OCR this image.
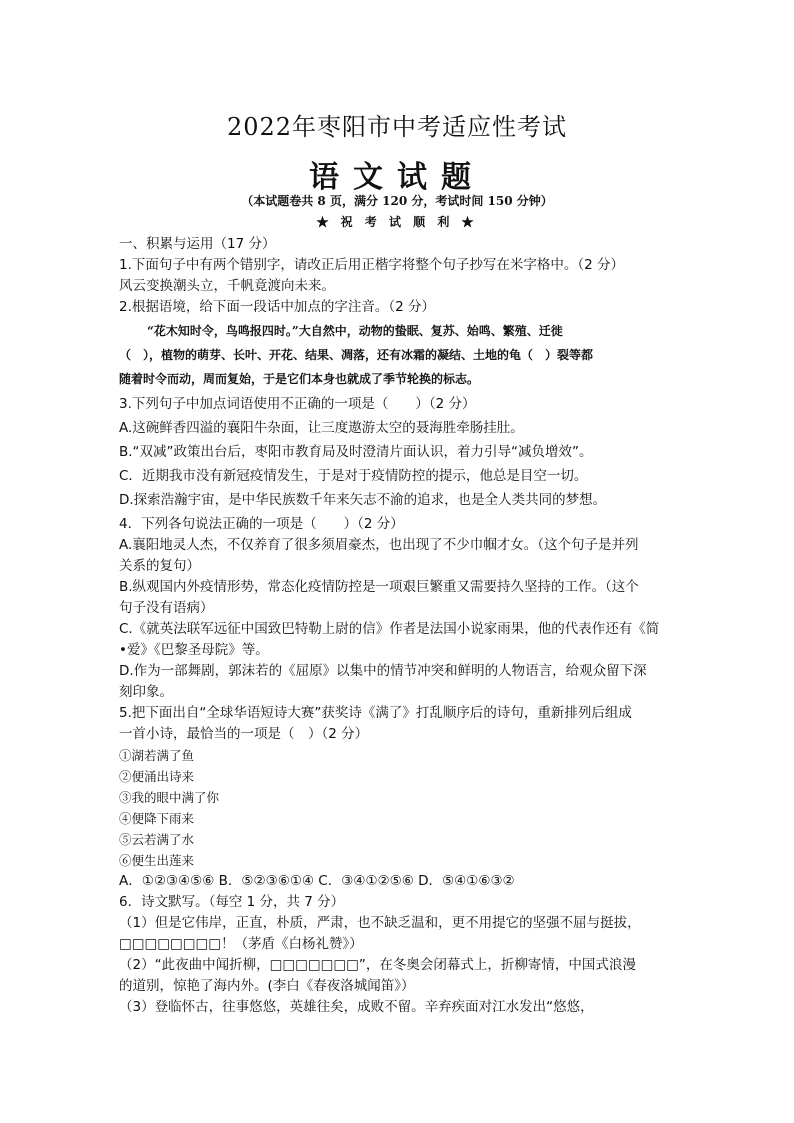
2022年枣阳市中考适应性考试
语文试题
（本试题卷共 8 页，满分 120 分，考试时间 150 分钟）
★ 祝 考 试 顺 利 ★
一、积累与运用（17 分）
1.下面句子中有两个错别字，请改正后用正楷字将整个句子抄写在米字格中。（2 分）
风云变换潮头立，千帆竟渡向未来。
2.根据语境，给下面一段话中加点的字注音。（2 分）
“花木知时令，鸟鸣报四时。”大自然中，动物的蛰眠、复苏、始鸣、繁殖、迁徙
（　），植物的萌芽、长叶、开花、结果、凋落，还有冰霜的凝结、土地的龟（　）裂等都
随着时令而动，周而复始，于是它们本身也就成了季节轮换的标志。
3.下列句子中加点词语使用不正确的一项是（　　）（2 分）
A.这碗鲜香四溢的襄阳牛杂面，让三度遨游太空的聂海胜牵肠挂肚。
B.“双减”政策出台后，枣阳市教育局及时澄清片面认识，着力引导“减负增效”。
C．近期我市没有新冠疫情发生，于是对于疫情防控的提示，他总是目空一切。
D.探索浩瀚宇宙，是中华民族数千年来矢志不渝的追求，也是全人类共同的梦想。
4．下列各句说法正确的一项是（　　）（2 分）
A.襄阳地灵人杰，不仅养育了很多须眉豪杰，也出现了不少巾帼才女。（这个句子是并列
关系的复句）
B.纵观国内外疫情形势，常态化疫情防控是一项艰巨繁重又需要持久坚持的工作。（这个
句子没有语病）
C.《就英法联军远征中国致巴特勒上尉的信》作者是法国小说家雨果，他的代表作还有《简
•爱》《巴黎圣母院》等。
D.作为一部舞剧，郭沫若的《屈原》以集中的情节冲突和鲜明的人物语言，给观众留下深
刻印象。
5.把下面出自“全球华语短诗大赛”获奖诗《满了》打乱顺序后的诗句，重新排列后组成
一首小诗，最恰当的一项是（　）（2 分）
①湖若满了鱼
②便涌出诗来
③我的眼中满了你
④便降下雨来
⑤云若满了水
⑥便生出莲来
A．①②③④⑤⑥ B．⑤②③⑥①④ C．③④①②⑤⑥ D．⑤④①⑥③②
6．诗文默写。（每空 1 分，共 7 分）
（1）但是它伟岸，正直，朴质，严肃，也不缺乏温和，更不用提它的坚强不屈与挺拔，
□□□□□□□□！（茅盾《白杨礼赞》）
（2）“此夜曲中闻折柳，□□□□□□□”，在冬奥会闭幕式上，折柳寄情，中国式浪漫
的道别，惊艳了海内外。(李白《春夜洛城闻笛》）
（3）登临怀古，往事悠悠，英雄往矣，成败不留。辛弃疾面对江水发出“悠悠，
